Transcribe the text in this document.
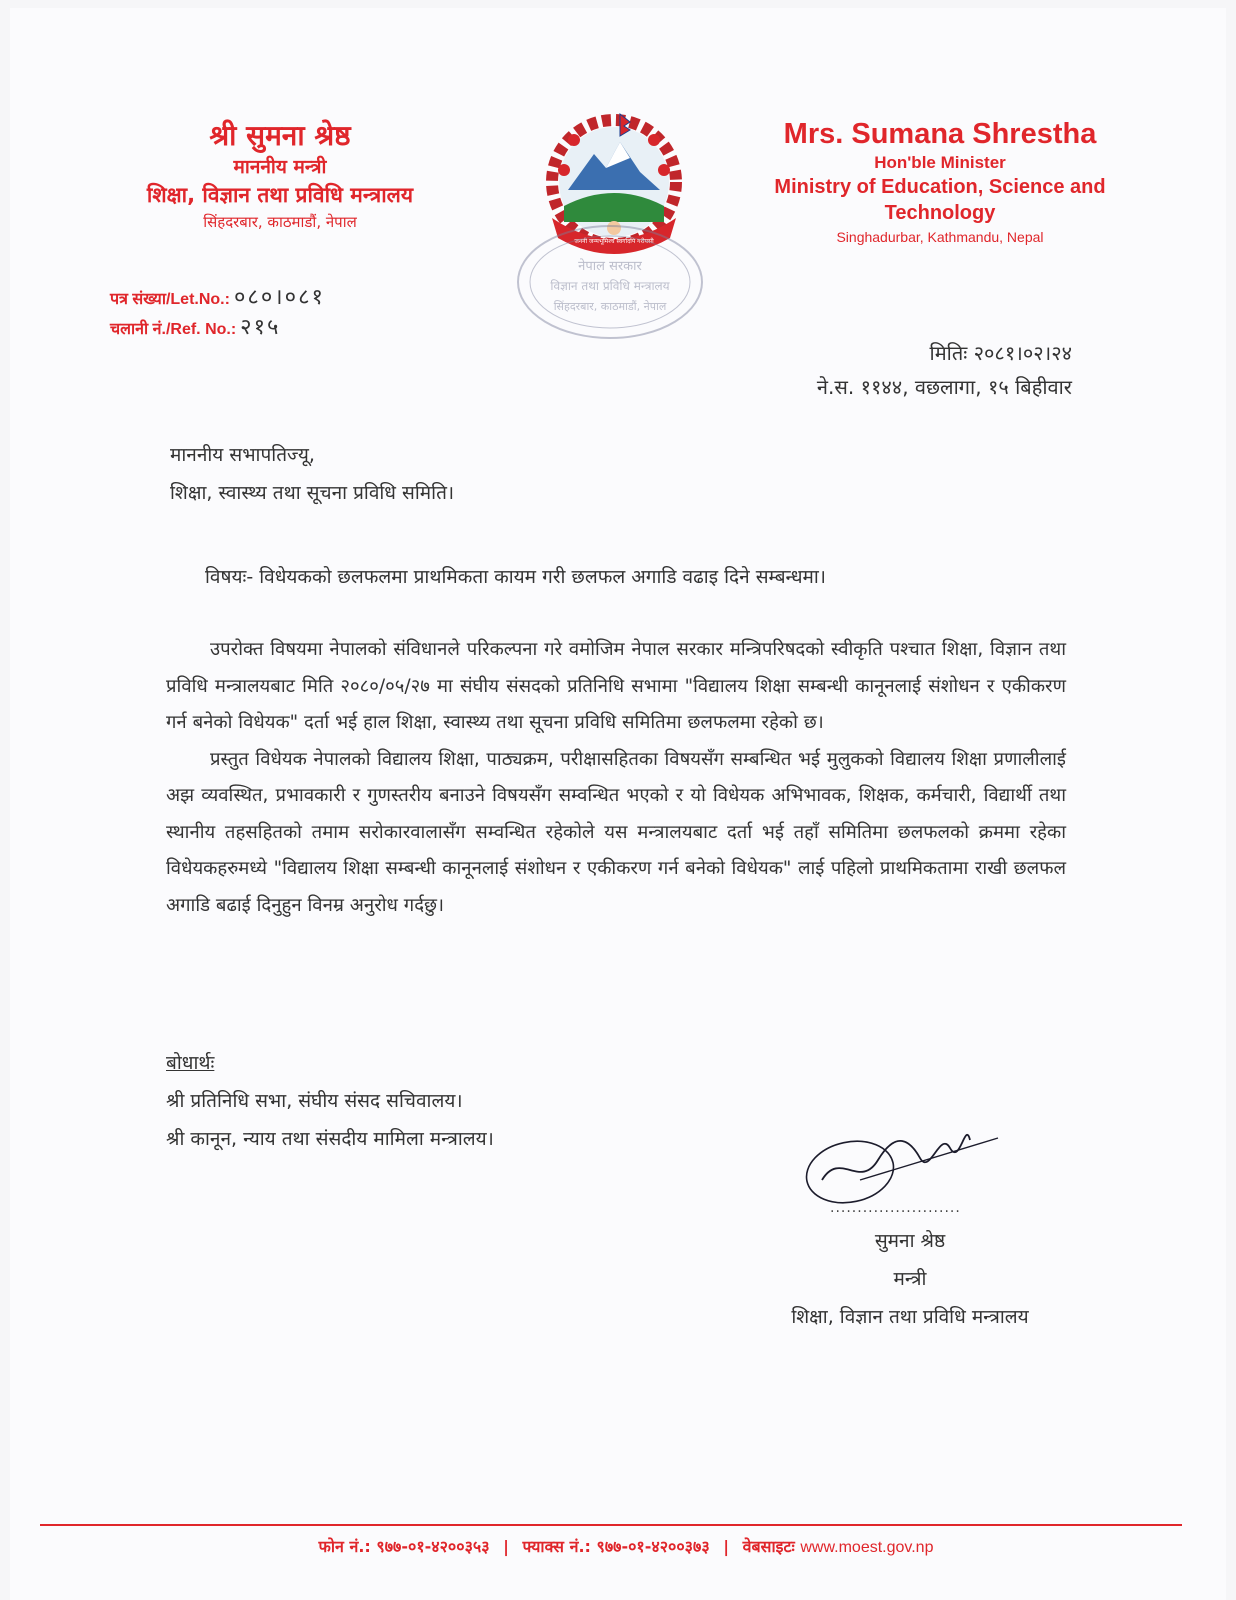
श्री सुमना श्रेष्ठ
माननीय मन्त्री
शिक्षा, विज्ञान तथा प्रविधि मन्त्रालय
सिंहदरबार, काठमाडौं, नेपाल
जननी जन्मभूमिश्च स्वर्गादपि गरीयसी
नेपाल सरकार
विज्ञान तथा प्रविधि मन्त्रालय
सिंहदरबार, काठमाडौं, नेपाल
Mrs. Sumana Shrestha
Hon'ble Minister
Ministry of Education, Science and
Technology
Singhadurbar, Kathmandu, Nepal
पत्र संख्या/Let.No.: ०८०।०८१
चलानी नं./Ref. No.: २१५
मितिः २०८१।०२।२४
ने.स. ११४४, वछलागा, १५ बिहीवार
माननीय सभापतिज्यू,
शिक्षा, स्वास्थ्य तथा सूचना प्रविधि समिति।
विषयः- विधेयकको छलफलमा प्राथमिकता कायम गरी छलफल अगाडि वढाइ दिने सम्बन्धमा।

उपरोक्त विषयमा नेपालको संविधानले परिकल्पना गरे वमोजिम नेपाल सरकार मन्त्रिपरिषदको स्वीकृति पश्चात शिक्षा, विज्ञान तथा प्रविधि मन्त्रालयबाट मिति २०८०/०५/२७ मा संघीय संसदको प्रतिनिधि सभामा "विद्यालय शिक्षा सम्बन्धी कानूनलाई संशोधन र एकीकरण गर्न बनेको विधेयक" दर्ता भई हाल शिक्षा, स्वास्थ्य तथा सूचना प्रविधि समितिमा छलफलमा रहेको छ।

प्रस्तुत विधेयक नेपालको विद्यालय शिक्षा, पाठ्यक्रम, परीक्षासहितका विषयसँग सम्बन्धित भई मुलुकको विद्यालय शिक्षा प्रणालीलाई अझ व्यवस्थित, प्रभावकारी र गुणस्तरीय बनाउने विषयसँग सम्वन्धित भएको र यो विधेयक अभिभावक, शिक्षक, कर्मचारी, विद्यार्थी तथा स्थानीय तहसहितको तमाम सरोकारवालासँग सम्वन्धित रहेकोले यस मन्त्रालयबाट दर्ता भई तहाँ समितिमा छलफलको क्रममा रहेका विधेयकहरुमध्ये "विद्यालय शिक्षा सम्बन्धी कानूनलाई संशोधन र एकीकरण गर्न बनेको विधेयक" लाई पहिलो प्राथमिकतामा राखी छलफल अगाडि बढाई दिनुहुन विनम्र अनुरोध गर्दछु।

बोधार्थः
श्री प्रतिनिधि सभा, संघीय संसद सचिवालय।
श्री कानून, न्याय तथा संसदीय मामिला मन्त्रालय।
........................
सुमना श्रेष्ठ
मन्त्री
शिक्षा, विज्ञान तथा प्रविधि मन्त्रालय
फोन नं.: ९७७-०१-४२००३५३ | फ्याक्स नं.: ९७७-०१-४२००३७३ | वेबसाइटः www.moest.gov.np
